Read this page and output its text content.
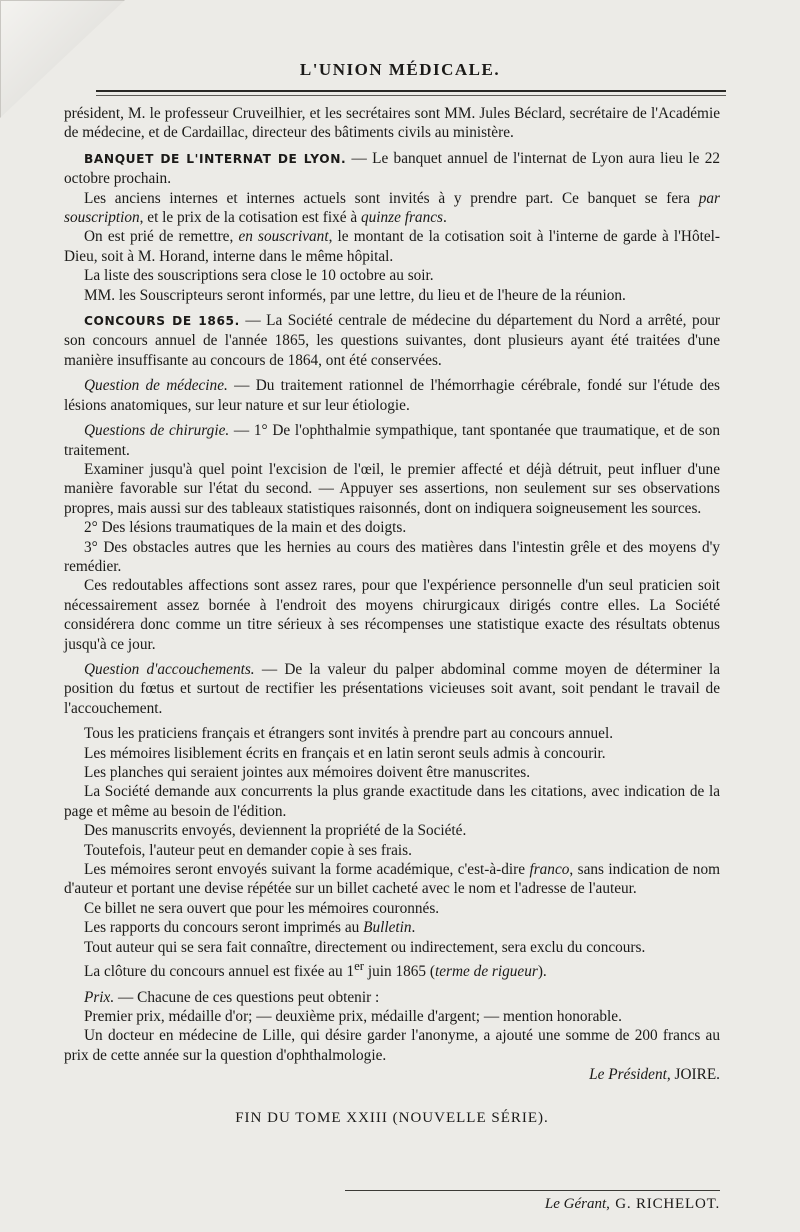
L'UNION MÉDICALE.

président, M. le professeur Cruveilhier, et les secrétaires sont MM. Jules Béclard, secrétaire de l'Académie de médecine, et de Cardaillac, directeur des bâtiments civils au ministère.

BANQUET DE L'INTERNAT DE LYON. — Le banquet annuel de l'internat de Lyon aura lieu le 22 octobre prochain.

Les anciens internes et internes actuels sont invités à y prendre part. Ce banquet se fera par souscription, et le prix de la cotisation est fixé à quinze francs.

On est prié de remettre, en souscrivant, le montant de la cotisation soit à l'interne de garde à l'Hôtel-Dieu, soit à M. Horand, interne dans le même hôpital.

La liste des souscriptions sera close le 10 octobre au soir.

MM. les Souscripteurs seront informés, par une lettre, du lieu et de l'heure de la réunion.

CONCOURS DE 1865. — La Société centrale de médecine du département du Nord a arrêté, pour son concours annuel de l'année 1865, les questions suivantes, dont plusieurs ayant été traitées d'une manière insuffisante au concours de 1864, ont été conservées.

Question de médecine. — Du traitement rationnel de l'hémorrhagie cérébrale, fondé sur l'étude des lésions anatomiques, sur leur nature et sur leur étiologie.

Questions de chirurgie. — 1° De l'ophthalmie sympathique, tant spontanée que traumatique, et de son traitement.

Examiner jusqu'à quel point l'excision de l'œil, le premier affecté et déjà détruit, peut influer d'une manière favorable sur l'état du second. — Appuyer ses assertions, non seulement sur ses observations propres, mais aussi sur des tableaux statistiques raisonnés, dont on indiquera soigneusement les sources.

2° Des lésions traumatiques de la main et des doigts.

3° Des obstacles autres que les hernies au cours des matières dans l'intestin grêle et des moyens d'y remédier.

Ces redoutables affections sont assez rares, pour que l'expérience personnelle d'un seul praticien soit nécessairement assez bornée à l'endroit des moyens chirurgicaux dirigés contre elles. La Société considérera donc comme un titre sérieux à ses récompenses une statistique exacte des résultats obtenus jusqu'à ce jour.

Question d'accouchements. — De la valeur du palper abdominal comme moyen de déterminer la position du fœtus et surtout de rectifier les présentations vicieuses soit avant, soit pendant le travail de l'accouchement.

Tous les praticiens français et étrangers sont invités à prendre part au concours annuel.

Les mémoires lisiblement écrits en français et en latin seront seuls admis à concourir.

Les planches qui seraient jointes aux mémoires doivent être manuscrites.

La Société demande aux concurrents la plus grande exactitude dans les citations, avec indication de la page et même au besoin de l'édition.

Des manuscrits envoyés, deviennent la propriété de la Société.

Toutefois, l'auteur peut en demander copie à ses frais.

Les mémoires seront envoyés suivant la forme académique, c'est-à-dire franco, sans indication de nom d'auteur et portant une devise répétée sur un billet cacheté avec le nom et l'adresse de l'auteur.

Ce billet ne sera ouvert que pour les mémoires couronnés.

Les rapports du concours seront imprimés au Bulletin.

Tout auteur qui se sera fait connaître, directement ou indirectement, sera exclu du concours.

La clôture du concours annuel est fixée au 1er juin 1865 (terme de rigueur).

Prix. — Chacune de ces questions peut obtenir :

Premier prix, médaille d'or; — deuxième prix, médaille d'argent; — mention honorable.

Un docteur en médecine de Lille, qui désire garder l'anonyme, a ajouté une somme de 200 francs au prix de cette année sur la question d'ophthalmologie.

Le Président, JOIRE.

FIN DU TOME XXIII (NOUVELLE SÉRIE).

Le Gérant, G. RICHELOT.
